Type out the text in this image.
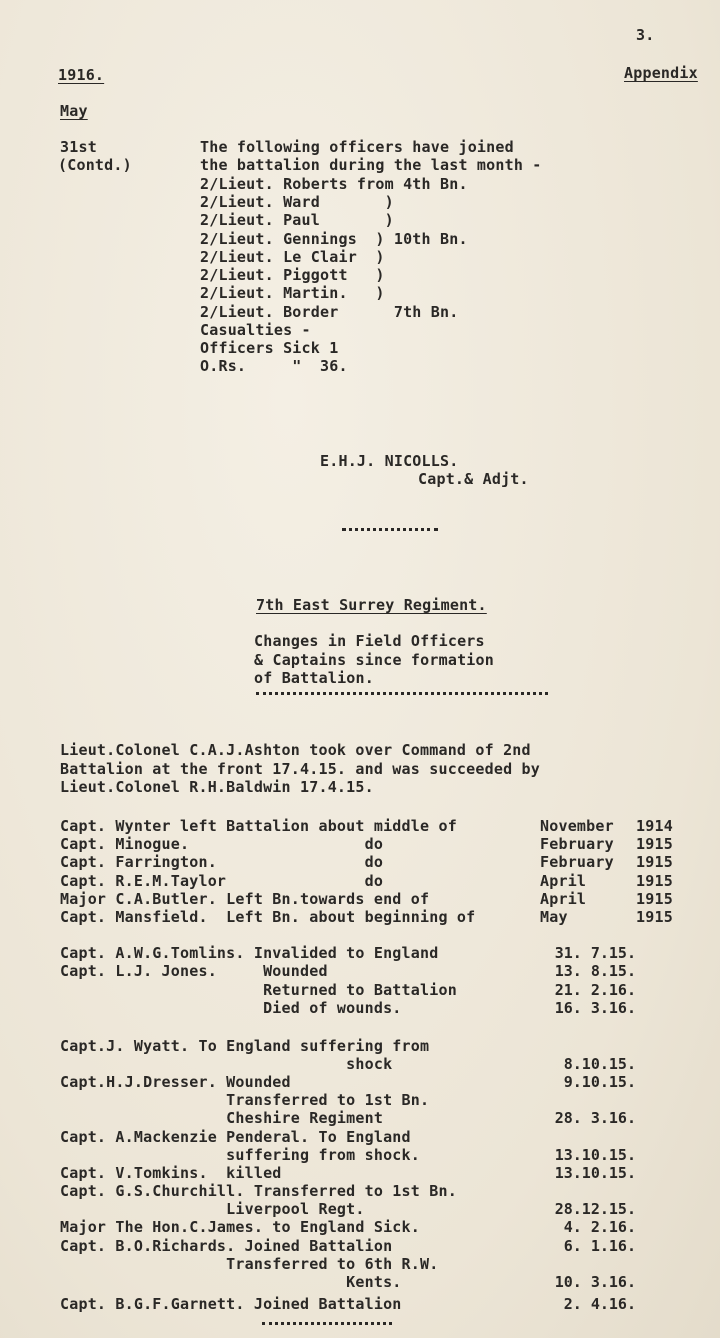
3.
1916.	Appendix
May
31st
(Contd.)
The following officers have joined
the battalion during the last month -
2/Lieut. Roberts from 4th Bn.
2/Lieut. Ward       )
2/Lieut. Paul       )
2/Lieut. Gennings  ) 10th Bn.
2/Lieut. Le Clair  )
2/Lieut. Piggott   )
2/Lieut. Martin.   )
2/Lieut. Border      7th Bn.
Casualties -
Officers Sick 1
O.Rs.     "  36.
E.H.J. NICOLLS.
Capt.& Adjt.
7th East Surrey Regiment.
Changes in Field Officers
& Captains since formation
of Battalion.
Lieut.Colonel C.A.J.Ashton took over Command of 2nd
Battalion at the front 17.4.15. and was succeeded by
Lieut.Colonel R.H.Baldwin 17.4.15.
Capt. Wynter left Battalion about middle of	November 1914
Capt. Minogue.                   do	February 1915
Capt. Farrington.                do	February 1915
Capt. R.E.M.Taylor               do	April	1915
Major C.A.Butler. Left Bn.towards end of	April	1915
Capt. Mansfield.  Left Bn. about beginning of	May	1915
Capt. A.W.G.Tomlins. Invalided to England	31. 7.15.
Capt. L.J. Jones.     Wounded	13. 8.15.
Returned to Battalion	21. 2.16.
Died of wounds.	16. 3.16.
Capt.J. Wyatt. To England suffering from
shock	8.10.15.
Capt.H.J.Dresser. Wounded	9.10.15.
Transferred to 1st Bn.
Cheshire Regiment	28. 3.16.
Capt. A.Mackenzie Penderal. To England
suffering from shock.	13.10.15.
Capt. V.Tomkins.  killed	13.10.15.
Capt. G.S.Churchill. Transferred to 1st Bn.
Liverpool Regt.	28.12.15.
Major The Hon.C.James. to England Sick.	4. 2.16.
Capt. B.O.Richards. Joined Battalion	6. 1.16.
Transferred to 6th R.W.
Kents.	10. 3.16.
Capt. B.G.F.Garnett. Joined Battalion	2. 4.16.
